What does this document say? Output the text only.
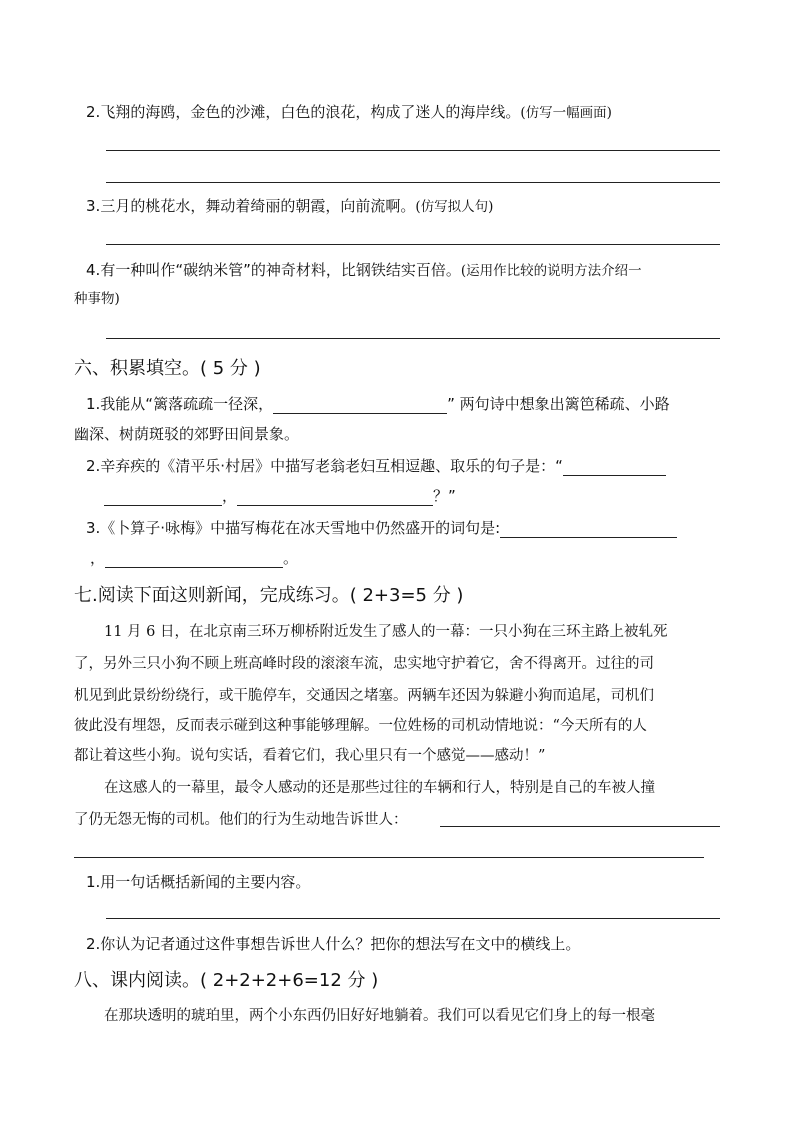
2.飞翔的海鸥，金色的沙滩，白色的浪花，构成了迷人的海岸线。(仿写一幅画面)
3.三月的桃花水，舞动着绮丽的朝霞，向前流啊。(仿写拟人句)
4.有一种叫作“碳纳米管”的神奇材料，比钢铁结实百倍。(运用作比较的说明方法介绍一
种事物)
六、积累填空。( 5 分 )
1.我能从“篱落疏疏一径深，	” 两句诗中想象出篱笆稀疏、小路
幽深、树荫斑驳的郊野田间景象。
2.辛弃疾的《清平乐·村居》中描写老翁老妇互相逗趣、取乐的句子是：“
，	？”
3.《卜算子·咏梅》中描写梅花在冰天雪地中仍然盛开的词句是:
，	。
七.阅读下面这则新闻，完成练习。( 2+3=5 分 )
11 月 6 日，在北京南三环万柳桥附近发生了感人的一幕：一只小狗在三环主路上被轧死
了，另外三只小狗不顾上班高峰时段的滚滚车流，忠实地守护着它，舍不得离开。过往的司
机见到此景纷纷绕行，或干脆停车，交通因之堵塞。两辆车还因为躲避小狗而追尾，司机们
彼此没有埋怨，反而表示碰到这种事能够理解。一位姓杨的司机动情地说：“今天所有的人
都让着这些小狗。说句实话，看着它们，我心里只有一个感觉——感动！”
在这感人的一幕里，最令人感动的还是那些过往的车辆和行人，特别是自己的车被人撞
了仍无怨无悔的司机。他们的行为生动地告诉世人：
1.用一句话概括新闻的主要内容。
2.你认为记者通过这件事想告诉世人什么？把你的想法写在文中的横线上。
八、课内阅读。( 2+2+2+6=12 分 )
在那块透明的琥珀里，两个小东西仍旧好好地躺着。我们可以看见它们身上的每一根毫
